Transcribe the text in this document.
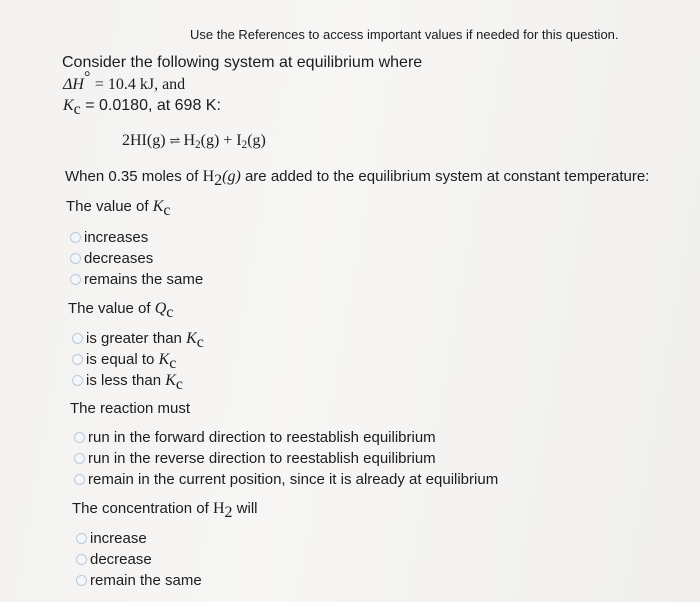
Use the References to access important values if needed for this question.
Consider the following system at equilibrium where
ΔH° = 10.4 kJ, and
$K_c = 0.0180$, at 698 K:
2HI(g) ⇌ $H_2(g) + I_2(g)$
When 0.35 moles of $H_2(g)$ are added to the equilibrium system at constant temperature:
The value of $K_c$
increases
decreases
remains the same
The value of $Q_c$
is greater than $K_c$
is equal to $K_c$
is less than $K_c$
The reaction must
run in the forward direction to reestablish equilibrium
run in the reverse direction to reestablish equilibrium
remain in the current position, since it is already at equilibrium
The concentration of $H_2$ will
increase
decrease
remain the same
